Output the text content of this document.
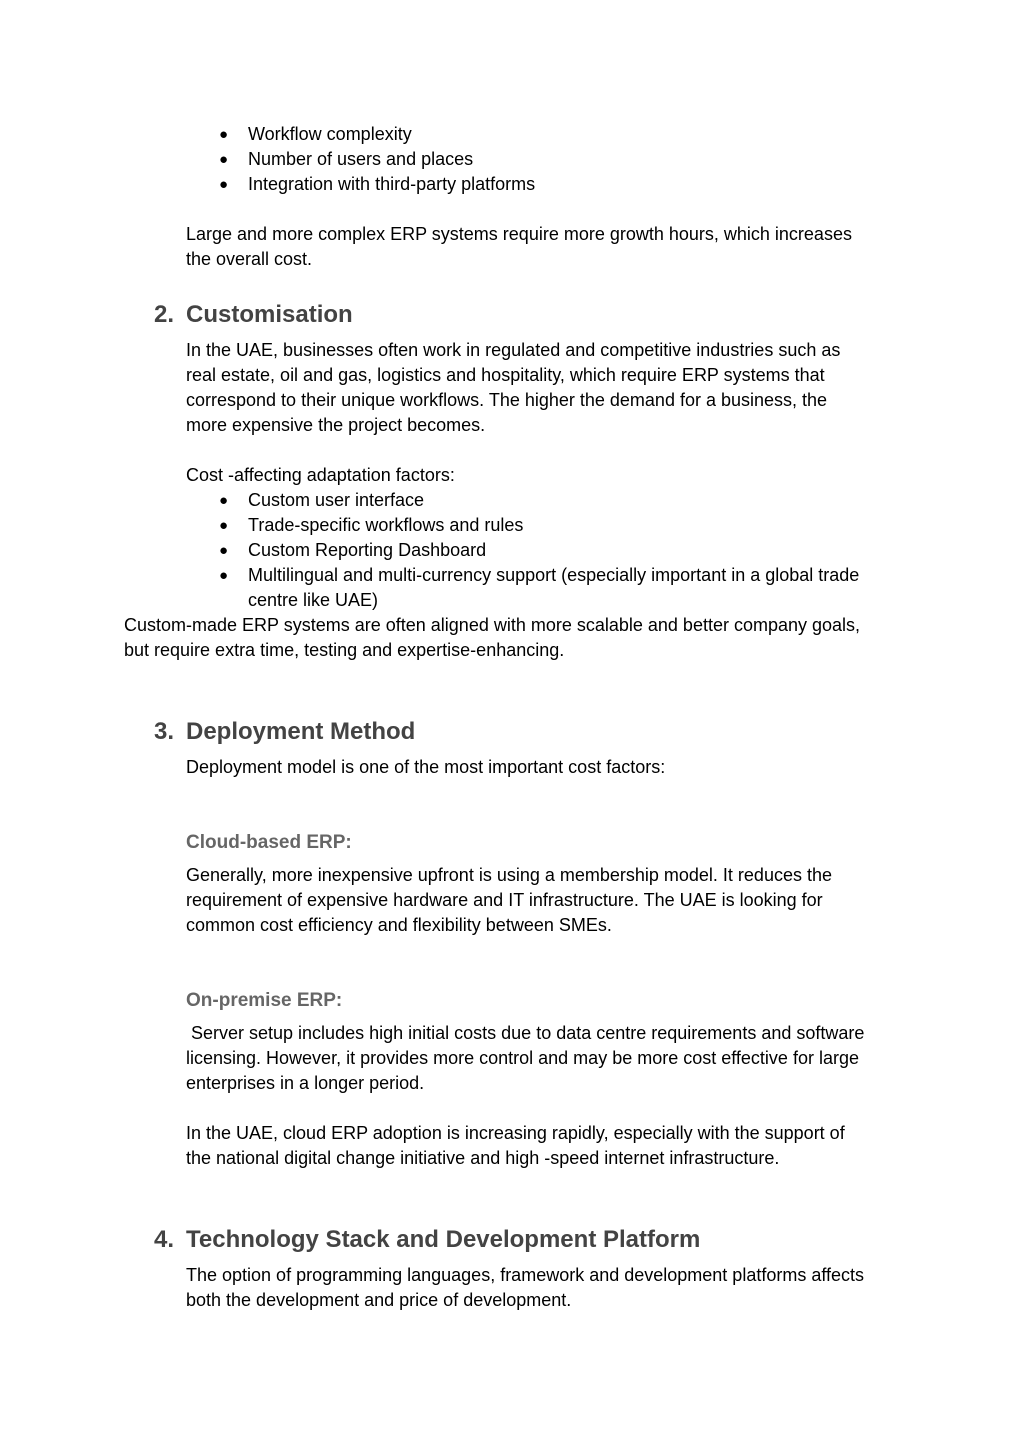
● Workflow complexity
● Number of users and places
● Integration with third-party platforms
Large and more complex ERP systems require more growth hours, which increases
the overall cost.
2. Customisation
In the UAE, businesses often work in regulated and competitive industries such as
real estate, oil and gas, logistics and hospitality, which require ERP systems that
correspond to their unique workflows. The higher the demand for a business, the
more expensive the project becomes.
Cost -affecting adaptation factors:
● Custom user interface
● Trade-specific workflows and rules
● Custom Reporting Dashboard
● Multilingual and multi-currency support (especially important in a global trade
centre like UAE)
Custom-made ERP systems are often aligned with more scalable and better company goals,
but require extra time, testing and expertise-enhancing.
3. Deployment Method
Deployment model is one of the most important cost factors:
Cloud-based ERP:
Generally, more inexpensive upfront is using a membership model. It reduces the
requirement of expensive hardware and IT infrastructure. The UAE is looking for
common cost efficiency and flexibility between SMEs.
On-premise ERP:
Server setup includes high initial costs due to data centre requirements and software
licensing. However, it provides more control and may be more cost effective for large
enterprises in a longer period.
In the UAE, cloud ERP adoption is increasing rapidly, especially with the support of
the national digital change initiative and high -speed internet infrastructure.
4. Technology Stack and Development Platform
The option of programming languages, framework and development platforms affects
both the development and price of development.
